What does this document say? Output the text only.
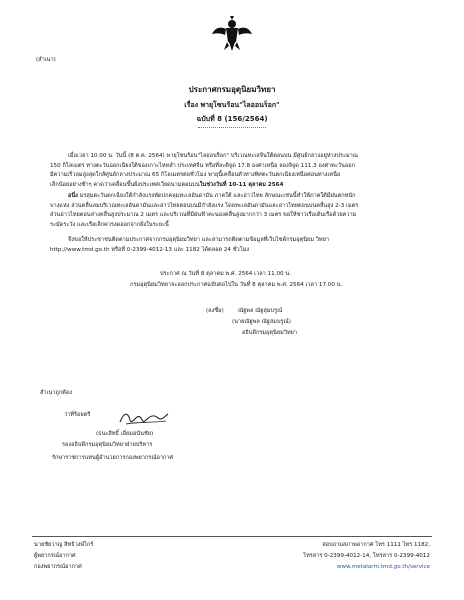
(สำเนา)
ประกาศกรมอุตุนิยมวิทยา
เรื่อง พายุโซนร้อน"ไลออนร็อก"
ฉบับที่ 8 (156/2564)

เมื่อเวลา 10.00 น. วันนี้ (8 ต.ค. 2564) พายุโซนร้อน"ไลออนร็อก" บริเวณทะเลจีนใต้ตอนบน มีศูนย์กลางอยู่ห่างประมาณ

150 กิโลเมตร ทางตะวันออกเฉียงใต้ของเกาะไหหลำ ประเทศจีน หรือที่ละติจูด 17.8 องศาเหนือ ลองจิจูด 111.3 องศาตะวันออก

มีความเร็วลมสูงสุดใกล้ศูนย์กลางประมาณ 65 กิโลเมตรต่อชั่วโมง พายุนี้เคลื่อนตัวทางทิศตะวันตกเฉียงเหนือค่อนทางเหนือ

เล็กน้อยอย่างช้าๆ คาดว่าเคลื่อนขึ้นฝั่งประเทศเวียดนามตอนบนในช่วงวันที่ 10-11 ตุลาคม 2564

อนึ่ง มรสุมตะวันตกเฉียงใต้กำลังแรงพัดปกคลุมทะเลอันดามัน ภาคใต้ และอ่าวไทย ลักษณะเช่นนี้ทำให้ภาคใต้มีฝนตกหนัก

บางแห่ง ส่วนคลื่นลมบริเวณทะเลอันดามันและอ่าวไทยตอนบนมีกำลังแรง โดยทะเลอันดามันและอ่าวไทยตอนบนคลื่นสูง 2-3 เมตร

ส่วนอ่าวไทยตอนล่างคลื่นสูงประมาณ 2 เมตร และบริเวณที่มีฝนฟ้าคะนองคลื่นสูงมากกว่า 3 เมตร ขอให้ชาวเรือเดินเรือด้วยความ

ระมัดระวัง และเรือเล็กควรงดออกจากฝั่งในระยะนี้

จึงขอให้ประชาชนติดตามประกาศจากกรมอุตุนิยมวิทยา และสามารถติดตามข้อมูลที่เว็บไซต์กรมอุตุนิยม วิทยา

http://www.tmd.go.th หรือที่ 0-2399-4012-13 และ 1182 ได้ตลอด 24 ชั่วโมง

ประกาศ ณ วันที่ 8 ตุลาคม พ.ศ. 2564 เวลา 11.00 น.
กรมอุตุนิยมวิทยาจะออกประกาศฉบับต่อไปใน วันที่ 8 ตุลาคม พ.ศ. 2564 เวลา 17.00 น.
(ลงชื่อ)	ณัฐพล ณัฐสุมบรูณ์
(นายณัฐพล ณัฐสมบรูณ์)
อธิบดีกรมอุตุนิยมวิทยา
สำเนาถูกต้อง
ว่าที่ร้อยตรี
(ธนะสิทธิ์ เอี่ยมอนันชัย)
รองอธิบดีกรมอุตุนิยมวิทยาฝ่ายบริหาร
รักษาราชการแทนผู้อำนวยการกองพยากรณ์อากาศ
นายชัยวาญ สิทธิวงษ์ไกร์
ผู้พยากรณ์อากาศ
กองพยากรณ์อากาศ
สอบถามสภาพอากาศ โทร 1111 ไทร 1182,
โทรสาร 0-2399-4012-14, โทรสาร 0-2399-4012
www.metalarm.tmd.go.th/service
